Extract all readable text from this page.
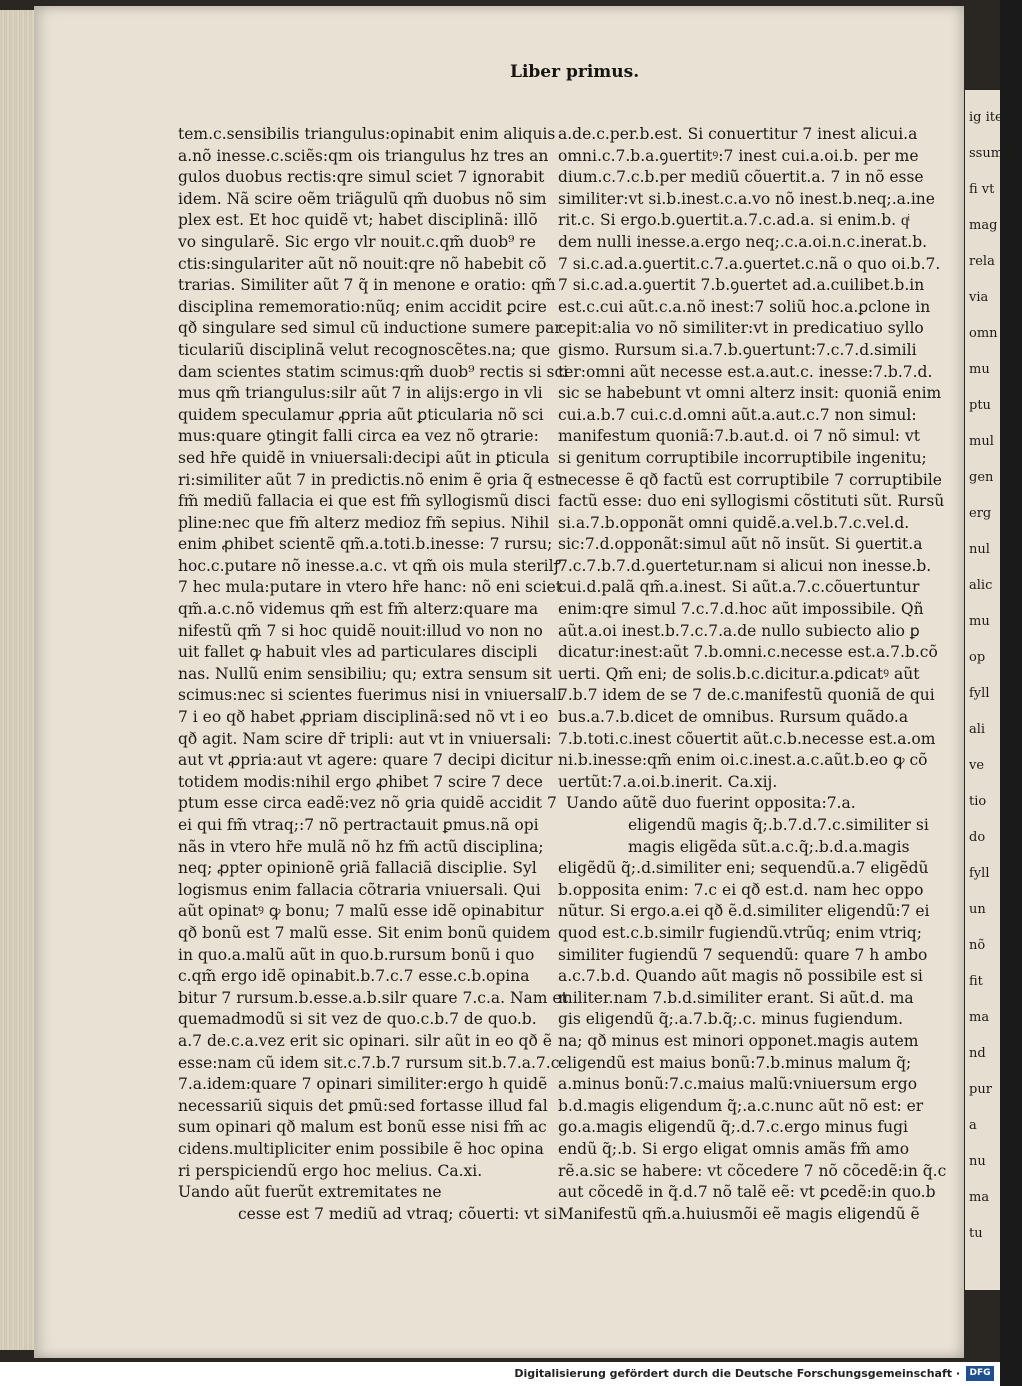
ig ite
ssum fir
fi vt
mag
rela
via
omn
mu
ptu
mul
gen
erg
nul
alic
mu
op
fyll
ali
ve
tio
do
fyll
un
nõ
fit
ma
nd
pur
a
nu
ma
tu
Liber primus.
tem.c.sensibilis triangulus:opinabit enim aliquis
a.nõ inesse.c.sciẽs:qm ois triangulus hz tres an
gulos duobus rectis:qre simul sciet 7 ignorabit
idem. Nã scire oẽm triãgulũ qm̃ duobus nõ sim
plex est. Et hoc quidẽ vt; habet disciplinã: illõ
vo singularẽ. Sic ergo vlr nouit.c.qm̃ duob⁹ re
ctis:singulariter aũt nõ nouit:qre nõ habebit cõ
trarias. Similiter aũt 7 q̃ in menone e oratio: qm̃
disciplina rememoratio:nũq; enim accidit ꝑcire
qð singulare sed simul cũ inductione sumere par
ticulariũ disciplinã velut recognoscẽtes.na; que
dam scientes statim scimus:qm̃ duob⁹ rectis si sci
mus qm̃ triangulus:silr aũt 7 in alijs:ergo in vli
quidem speculamur ꝓpria aũt ꝑticularia nõ sci
mus:quare ꝯtingit falli circa ea vez nõ ꝯtrarie:
sed hr̃e quidẽ in vniuersali:decipi aũt in ꝑticula
ri:similiter aũt 7 in predictis.nõ enim ẽ ꝯria q̃ est
fm̃ mediũ fallacia ei que est fm̃ syllogismũ disci
pline:nec que fm̃ alterz medioz fm̃ sepius. Nihil
enim ꝓhibet scientẽ qm̃.a.toti.b.inesse: 7 rursu;
hoc.c.putare nõ inesse.a.c. vt qm̃ ois mula sterilꝭ
7 hec mula:putare in vtero hr̃e hanc: nõ eni sciet
qm̃.a.c.nõ videmus qm̃ est fm̃ alterz:quare ma
nifestũ qm̃ 7 si hoc quidẽ nouit:illud vo non no
uit fallet ꝙ habuit vles ad particulares discipli
nas. Nullũ enim sensibiliu; qu; extra sensum sit
scimus:nec si scientes fuerimus nisi in vniuersali
7 i eo qð habet ꝓpriam disciplinã:sed nõ vt i eo
qð agit. Nam scire dr̃ tripli: aut vt in vniuersali:
aut vt ꝓpria:aut vt agere: quare 7 decipi dicitur
totidem modis:nihil ergo ꝓhibet 7 scire 7 dece
ptum esse circa eadẽ:vez nõ ꝯria quidẽ accidit 7
ei qui fm̃ vtraq;:7 nõ pertractauit ꝑmus.nã opi
nãs in vtero hr̃e mulã nõ hz fm̃ actũ disciplina;
neq; ꝓpter opinionẽ ꝯriã fallaciã disciplie. Syl
logismus enim fallacia cõtraria vniuersali. Qui
aũt opinatꝰ ꝙ bonu; 7 malũ esse idẽ opinabitur
qð bonũ est 7 malũ esse. Sit enim bonũ quidem
in quo.a.malũ aũt in quo.b.rursum bonũ i quo
c.qm̃ ergo idẽ opinabit.b.7.c.7 esse.c.b.opina
bitur 7 rursum.b.esse.a.b.silr quare 7.c.a. Nam et
quemadmodũ si sit vez de quo.c.b.7 de quo.b.
a.7 de.c.a.vez erit sic opinari. silr aũt in eo qð ẽ
esse:nam cũ idem sit.c.7.b.7 rursum sit.b.7.a.7.c
7.a.idem:quare 7 opinari similiter:ergo h quidẽ
necessariũ siquis det ꝑmũ:sed fortasse illud fal
sum opinari qð malum est bonũ esse nisi fm̃ ac
cidens.multipliciter enim possibile ẽ hoc opina
ri perspiciendũ ergo hoc melius. Ca.xi.
Uando aũt fuerũt extremitates ne
cesse est 7 mediũ ad vtraq; cõuerti: vt si
a.de.c.per.b.est. Si conuertitur 7 inest alicui.a
omni.c.7.b.a.ꝯuertitꝰ:7 inest cui.a.oi.b. per me
dium.c.7.c.b.per mediũ cõuertit.a. 7 in nõ esse
similiter:vt si.b.inest.c.a.vo nõ inest.b.neq;.a.ine
rit.c. Si ergo.b.ꝯuertit.a.7.c.ad.a. si enim.b. qͥ
dem nulli inesse.a.ergo neq;.c.a.oi.n.c.inerat.b.
7 si.c.ad.a.ꝯuertit.c.7.a.ꝯuertet.c.nã o quo oi.b.7.
7 si.c.ad.a.ꝯuertit 7.b.ꝯuertet ad.a.cuilibet.b.in
est.c.cui aũt.c.a.nõ inest:7 soliũ hoc.a.ꝑclone in
cepit:alia vo nõ similiter:vt in predicatiuo syllo
gismo. Rursum si.a.7.b.ꝯuertunt:7.c.7.d.simili
ter:omni aũt necesse est.a.aut.c. inesse:7.b.7.d.
sic se habebunt vt omni alterz insit: quoniã enim
cui.a.b.7 cui.c.d.omni aũt.a.aut.c.7 non simul:
manifestum quoniã:7.b.aut.d. oi 7 nõ simul: vt
si genitum corruptibile incorruptibile ingenitu;
necesse ẽ qð factũ est corruptibile 7 corruptibile
factũ esse: duo eni syllogismi cõstituti sũt. Rursũ
si.a.7.b.opponãt omni quidẽ.a.vel.b.7.c.vel.d.
sic:7.d.opponãt:simul aũt nõ insũt. Si ꝯuertit.a
7.c.7.b.7.d.ꝯuertetur.nam si alicui non inesse.b.
cui.d.palã qm̃.a.inest. Si aũt.a.7.c.cõuertuntur
enim:qre simul 7.c.7.d.hoc aũt impossibile. Qñ
aũt.a.oi inest.b.7.c.7.a.de nullo subiecto alio ꝑ
dicatur:inest:aũt 7.b.omni.c.necesse est.a.7.b.cõ
uerti. Qm̃ eni; de solis.b.c.dicitur.a.ꝑdicatꝰ aũt
7.b.7 idem de se 7 de.c.manifestũ quoniã de qui
bus.a.7.b.dicet de omnibus. Rursum quãdo.a
7.b.toti.c.inest cõuertit aũt.c.b.necesse est.a.om
ni.b.inesse:qm̃ enim oi.c.inest.a.c.aũt.b.eo ꝙ cõ
uertũt:7.a.oi.b.inerit. Ca.xij.
Uando aũtẽ duo fuerint opposita:7.a.
eligendũ magis q̃;.b.7.d.7.c.similiter si
magis eligẽda sũt.a.c.q̃;.b.d.a.magis
eligẽdũ q̃;.d.similiter eni; sequendũ.a.7 eligẽdũ
b.opposita enim: 7.c ei qð est.d. nam hec oppo
nũtur. Si ergo.a.ei qð ẽ.d.similiter eligendũ:7 ei
quod est.c.b.similr fugiendũ.vtrũq; enim vtriq;
similiter fugiendũ 7 sequendũ: quare 7 h ambo
a.c.7.b.d. Quando aũt magis nõ possibile est si
militer.nam 7.b.d.similiter erant. Si aũt.d. ma
gis eligendũ q̃;.a.7.b.q̃;.c. minus fugiendum.
na; qð minus est minori opponet.magis autem
eligendũ est maius bonũ:7.b.minus malum q̃;
a.minus bonũ:7.c.maius malũ:vniuersum ergo
b.d.magis eligendum q̃;.a.c.nunc aũt nõ est: er
go.a.magis eligendũ q̃;.d.7.c.ergo minus fugi
endũ q̃;.b. Si ergo eligat omnis amãs fm̃ amo
rẽ.a.sic se habere: vt cõcedere 7 nõ cõcedẽ:in q̃.c
aut cõcedẽ in q̃.d.7 nõ talẽ eẽ: vt ꝑcedẽ:in quo.b
Manifestũ qm̃.a.huiusmõi eẽ magis eligendũ ẽ
Digitalisierung gefördert durch die Deutsche Forschungsgemeinschaft ·	DFG
